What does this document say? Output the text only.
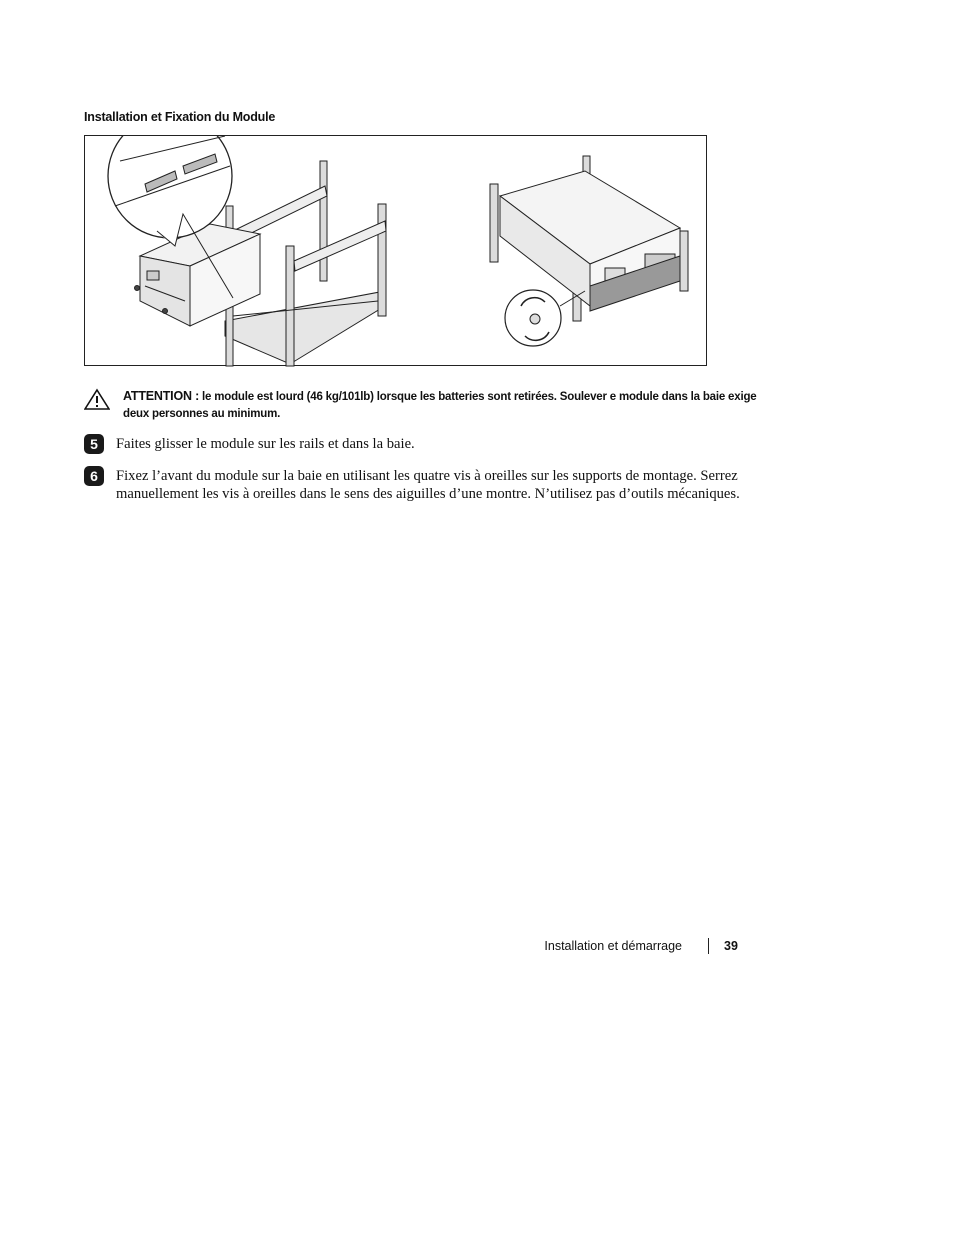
Installation et Fixation du Module
ATTENTION : le module est lourd (46 kg/101lb) lorsque les batteries sont retirées. Soulever e module dans la baie exige deux personnes au minimum.
5	Faites glisser le module sur les rails et dans la baie.
6	Fixez l’avant du module sur la baie en utilisant les quatre vis à oreilles sur les supports de montage. Serrez manuellement les vis à oreilles dans le sens des aiguilles d’une montre. N’utilisez pas d’outils mécaniques.
Installation et démarrage	39
